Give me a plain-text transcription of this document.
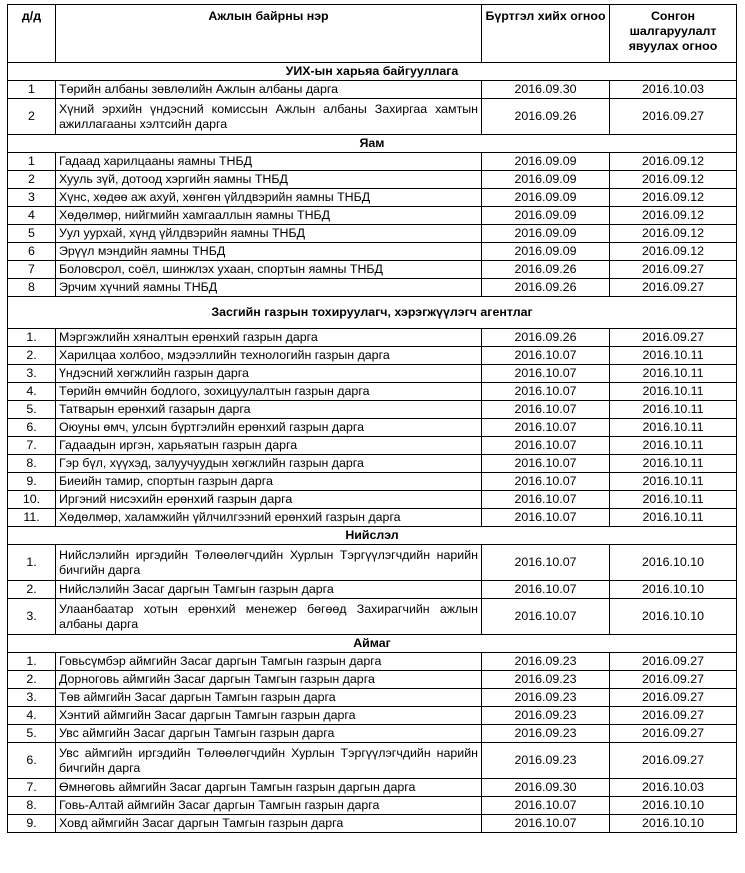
д/д	Ажлын байрны нэр	Бүртгэл хийх огноо	Сонгон шалгаруулалт явуулах огноо
УИХ-ын харьяа байгууллага			
1	Төрийн албаны зөвлөлийн Ажлын албаны дарга	2016.09.30	2016.10.03
2	Хүний эрхийн үндэсний комиссын Ажлын албаны Захиргаа хамтын ажиллагааны хэлтсийн дарга	2016.09.26	2016.09.27
Яам			
1	Гадаад харилцааны яамны ТНБД	2016.09.09	2016.09.12
2	Хууль зүй, дотоод хэргийн яамны ТНБД	2016.09.09	2016.09.12
3	Хүнс, хөдөө аж ахуй, хөнгөн үйлдвэрийн яамны ТНБД	2016.09.09	2016.09.12
4	Хөдөлмөр, нийгмийн хамгааллын яамны ТНБД	2016.09.09	2016.09.12
5	Уул уурхай, хүнд үйлдвэрийн яамны ТНБД	2016.09.09	2016.09.12
6	Эрүүл мэндийн яамны ТНБД	2016.09.09	2016.09.12
7	Боловсрол, соёл, шинжлэх ухаан, спортын яамны ТНБД	2016.09.26	2016.09.27
8	Эрчим хүчний яамны ТНБД	2016.09.26	2016.09.27
Засгийн газрын тохируулагч, хэрэгжүүлэгч агентлаг			
1.	Мэргэжлийн хяналтын ерөнхий газрын дарга	2016.09.26	2016.09.27
2.	Харилцаа холбоо, мэдээллийн технологийн газрын дарга	2016.10.07	2016.10.11
3.	Үндэсний хөгжлийн газрын дарга	2016.10.07	2016.10.11
4.	Төрийн өмчийн бодлого, зохицуулалтын газрын дарга	2016.10.07	2016.10.11
5.	Татварын ерөнхий газарын дарга	2016.10.07	2016.10.11
6.	Оюуны өмч, улсын бүртгэлийн ерөнхий газрын дарга	2016.10.07	2016.10.11
7.	Гадаадын иргэн, харьяатын газрын дарга	2016.10.07	2016.10.11
8.	Гэр бүл, хүүхэд, залуучуудын хөгжлийн газрын дарга	2016.10.07	2016.10.11
9.	Биеийн тамир, спортын газрын дарга	2016.10.07	2016.10.11
10.	Иргэний нисэхийн ерөнхий газрын дарга	2016.10.07	2016.10.11
11.	Хөдөлмөр, халамжийн үйлчилгээний ерөнхий газрын дарга	2016.10.07	2016.10.11
Нийслэл			
1.	Нийслэлийн иргэдийн Төлөөлөгчдийн Хурлын Тэргүүлэгчдийн нарийн бичгийн дарга	2016.10.07	2016.10.10
2.	Нийслэлийн Засаг даргын Тамгын газрын дарга	2016.10.07	2016.10.10
3.	Улаанбаатар хотын ерөнхий менежер бөгөөд Захирагчийн ажлын албаны дарга	2016.10.07	2016.10.10
Аймаг			
1.	Говьсүмбэр аймгийн Засаг даргын Тамгын газрын дарга	2016.09.23	2016.09.27
2.	Дорноговь аймгийн Засаг даргын Тамгын газрын дарга	2016.09.23	2016.09.27
3.	Төв аймгийн Засаг даргын Тамгын газрын дарга	2016.09.23	2016.09.27
4.	Хэнтий аймгийн Засаг даргын Тамгын газрын дарга	2016.09.23	2016.09.27
5.	Увс аймгийн Засаг даргын Тамгын газрын дарга	2016.09.23	2016.09.27
6.	Увс аймгийн иргэдийн Төлөөлөгчдийн Хурлын Тэргүүлэгчдийн нарийн бичгийн дарга	2016.09.23	2016.09.27
7.	Өмнөговь аймгийн Засаг даргын Тамгын газрын даргын дарга	2016.09.30	2016.10.03
8.	Говь-Алтай аймгийн Засаг даргын Тамгын газрын дарга	2016.10.07	2016.10.10
9.	Ховд аймгийн Засаг даргын Тамгын газрын дарга	2016.10.07	2016.10.10
